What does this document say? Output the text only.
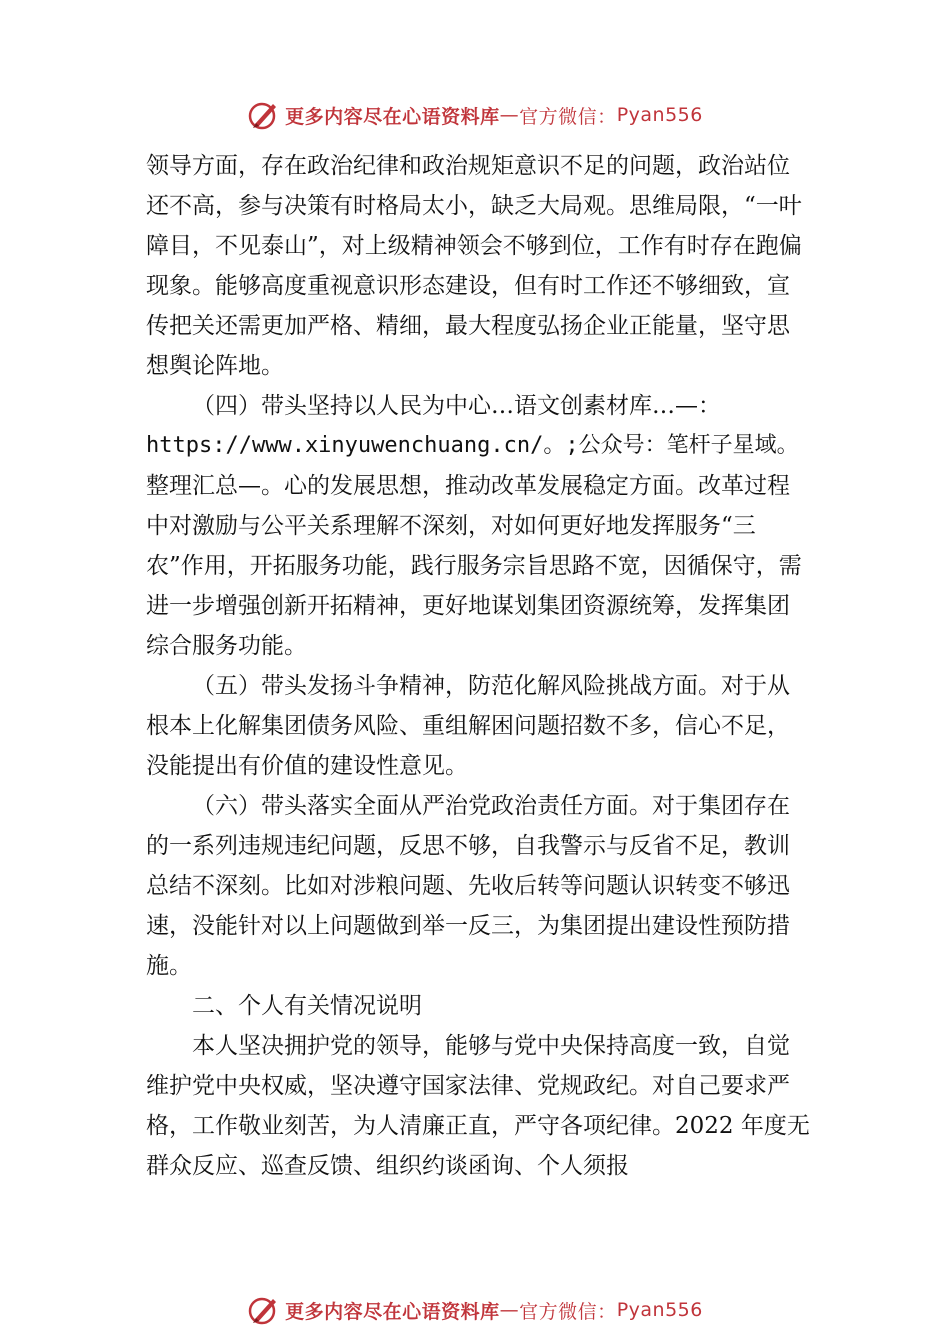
更多内容尽在心语资料库 — 官方微信： Pyan556

领导方面，存在政治纪律和政治规矩意识不足的问题，政治站位还不高，参与决策有时格局太小，缺乏大局观。思维局限，“一叶障目，不见泰山”，对上级精神领会不够到位，工作有时存在跑偏现象。能够高度重视意识形态建设，但有时工作还不够细致，宣传把关还需更加严格、精细，最大程度弘扬企业正能量，坚守思想舆论阵地。

（四）带头坚持以人民为中心…语文创素材库…—：

https://www.xinyuwenchuang.cn/。;公众号：笔杆子星域。

整理汇总—。心的发展思想，推动改革发展稳定方面。改革过程中对激励与公平关系理解不深刻，对如何更好地发挥服务“三农”作用，开拓服务功能，践行服务宗旨思路不宽，因循保守，需进一步增强创新开拓精神，更好地谋划集团资源统筹，发挥集团综合服务功能。

（五）带头发扬斗争精神，防范化解风险挑战方面。对于从根本上化解集团债务风险、重组解困问题招数不多，信心不足，没能提出有价值的建设性意见。

（六）带头落实全面从严治党政治责任方面。对于集团存在的一系列违规违纪问题，反思不够，自我警示与反省不足，教训总结不深刻。比如对涉粮问题、先收后转等问题认识转变不够迅速，没能针对以上问题做到举一反三，为集团提出建设性预防措施。

二、个人有关情况说明

本人坚决拥护党的领导，能够与党中央保持高度一致，自觉维护党中央权威，坚决遵守国家法律、党规政纪。对自己要求严格，工作敬业刻苦，为人清廉正直，严守各项纪律。2022 年度无群众反应、巡查反馈、组织约谈函询、个人须报

更多内容尽在心语资料库 — 官方微信： Pyan556
